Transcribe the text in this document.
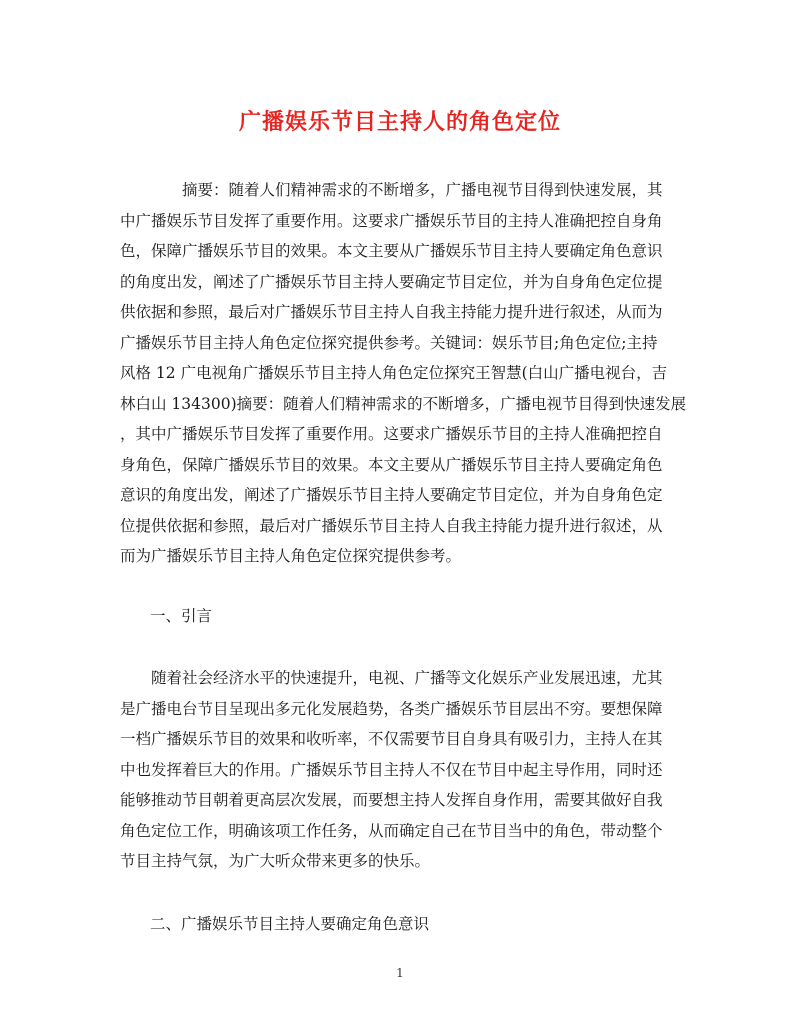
广播娱乐节目主持人的角色定位
摘要：随着人们精神需求的不断增多，广播电视节目得到快速发展，其
中广播娱乐节目发挥了重要作用。这要求广播娱乐节目的主持人准确把控自身角
色，保障广播娱乐节目的效果。本文主要从广播娱乐节目主持人要确定角色意识
的角度出发，阐述了广播娱乐节目主持人要确定节目定位，并为自身角色定位提
供依据和参照，最后对广播娱乐节目主持人自我主持能力提升进行叙述，从而为
广播娱乐节目主持人角色定位探究提供参考。关键词：娱乐节目;角色定位;主持
风格 12 广电视角广播娱乐节目主持人角色定位探究王智慧(白山广播电视台，吉
林白山 134300)摘要：随着人们精神需求的不断增多，广播电视节目得到快速发展
，其中广播娱乐节目发挥了重要作用。这要求广播娱乐节目的主持人准确把控自
身角色，保障广播娱乐节目的效果。本文主要从广播娱乐节目主持人要确定角色
意识的角度出发，阐述了广播娱乐节目主持人要确定节目定位，并为自身角色定
位提供依据和参照，最后对广播娱乐节目主持人自我主持能力提升进行叙述，从
而为广播娱乐节目主持人角色定位探究提供参考。
一、引言
随着社会经济水平的快速提升，电视、广播等文化娱乐产业发展迅速，尤其
是广播电台节目呈现出多元化发展趋势，各类广播娱乐节目层出不穷。要想保障
一档广播娱乐节目的效果和收听率，不仅需要节目自身具有吸引力，主持人在其
中也发挥着巨大的作用。广播娱乐节目主持人不仅在节目中起主导作用，同时还
能够推动节目朝着更高层次发展，而要想主持人发挥自身作用，需要其做好自我
角色定位工作，明确该项工作任务，从而确定自己在节目当中的角色，带动整个
节目主持气氛，为广大听众带来更多的快乐。
二、广播娱乐节目主持人要确定角色意识
1
